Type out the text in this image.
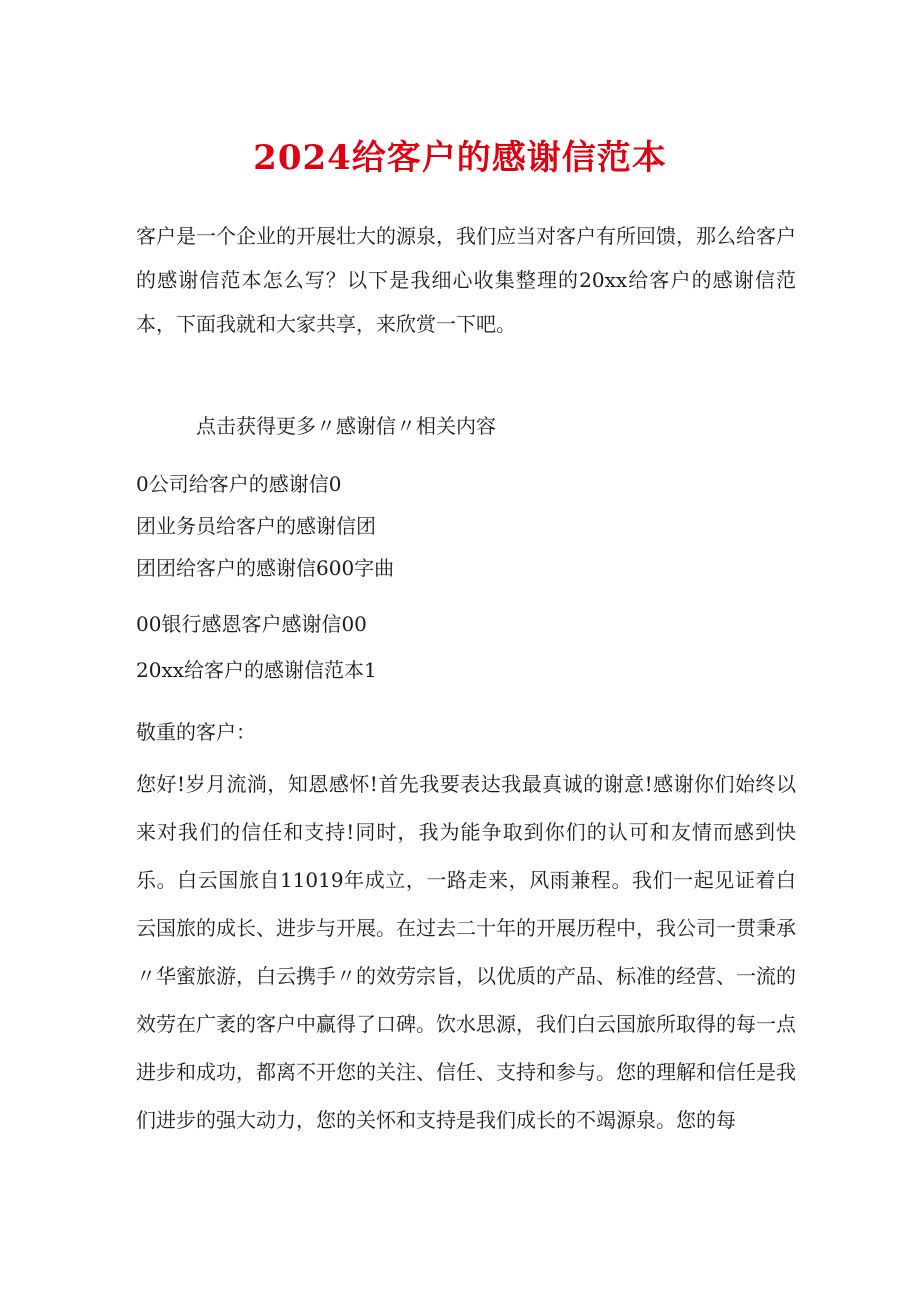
2024给客户的感谢信范本

客户是一个企业的开展壮大的源泉，我们应当对客户有所回馈，那么给客户的感谢信范本怎么写？以下是我细心收集整理的20xx给客户的感谢信范本，下面我就和大家共享，来欣赏一下吧。

点击获得更多〃感谢信〃相关内容
0公司给客户的感谢信0
团业务员给客户的感谢信团
团团给客户的感谢信600字曲
00银行感恩客户感谢信00
20xx给客户的感谢信范本1
敬重的客户：

您好!岁月流淌，知恩感怀!首先我要表达我最真诚的谢意!感谢你们始终以来对我们的信任和支持!同时，我为能争取到你们的认可和友情而感到快乐。白云国旅自11019年成立，一路走来，风雨兼程。我们一起见证着白云国旅的成长、进步与开展。在过去二十年的开展历程中，我公司一贯秉承〃华蜜旅游，白云携手〃的效劳宗旨，以优质的产品、标准的经营、一流的效劳在广袤的客户中赢得了口碑。饮水思源，我们白云国旅所取得的每一点进步和成功，都离不开您的关注、信任、支持和参与。您的理解和信任是我们进步的强大动力，您的关怀和支持是我们成长的不竭源泉。您的每
